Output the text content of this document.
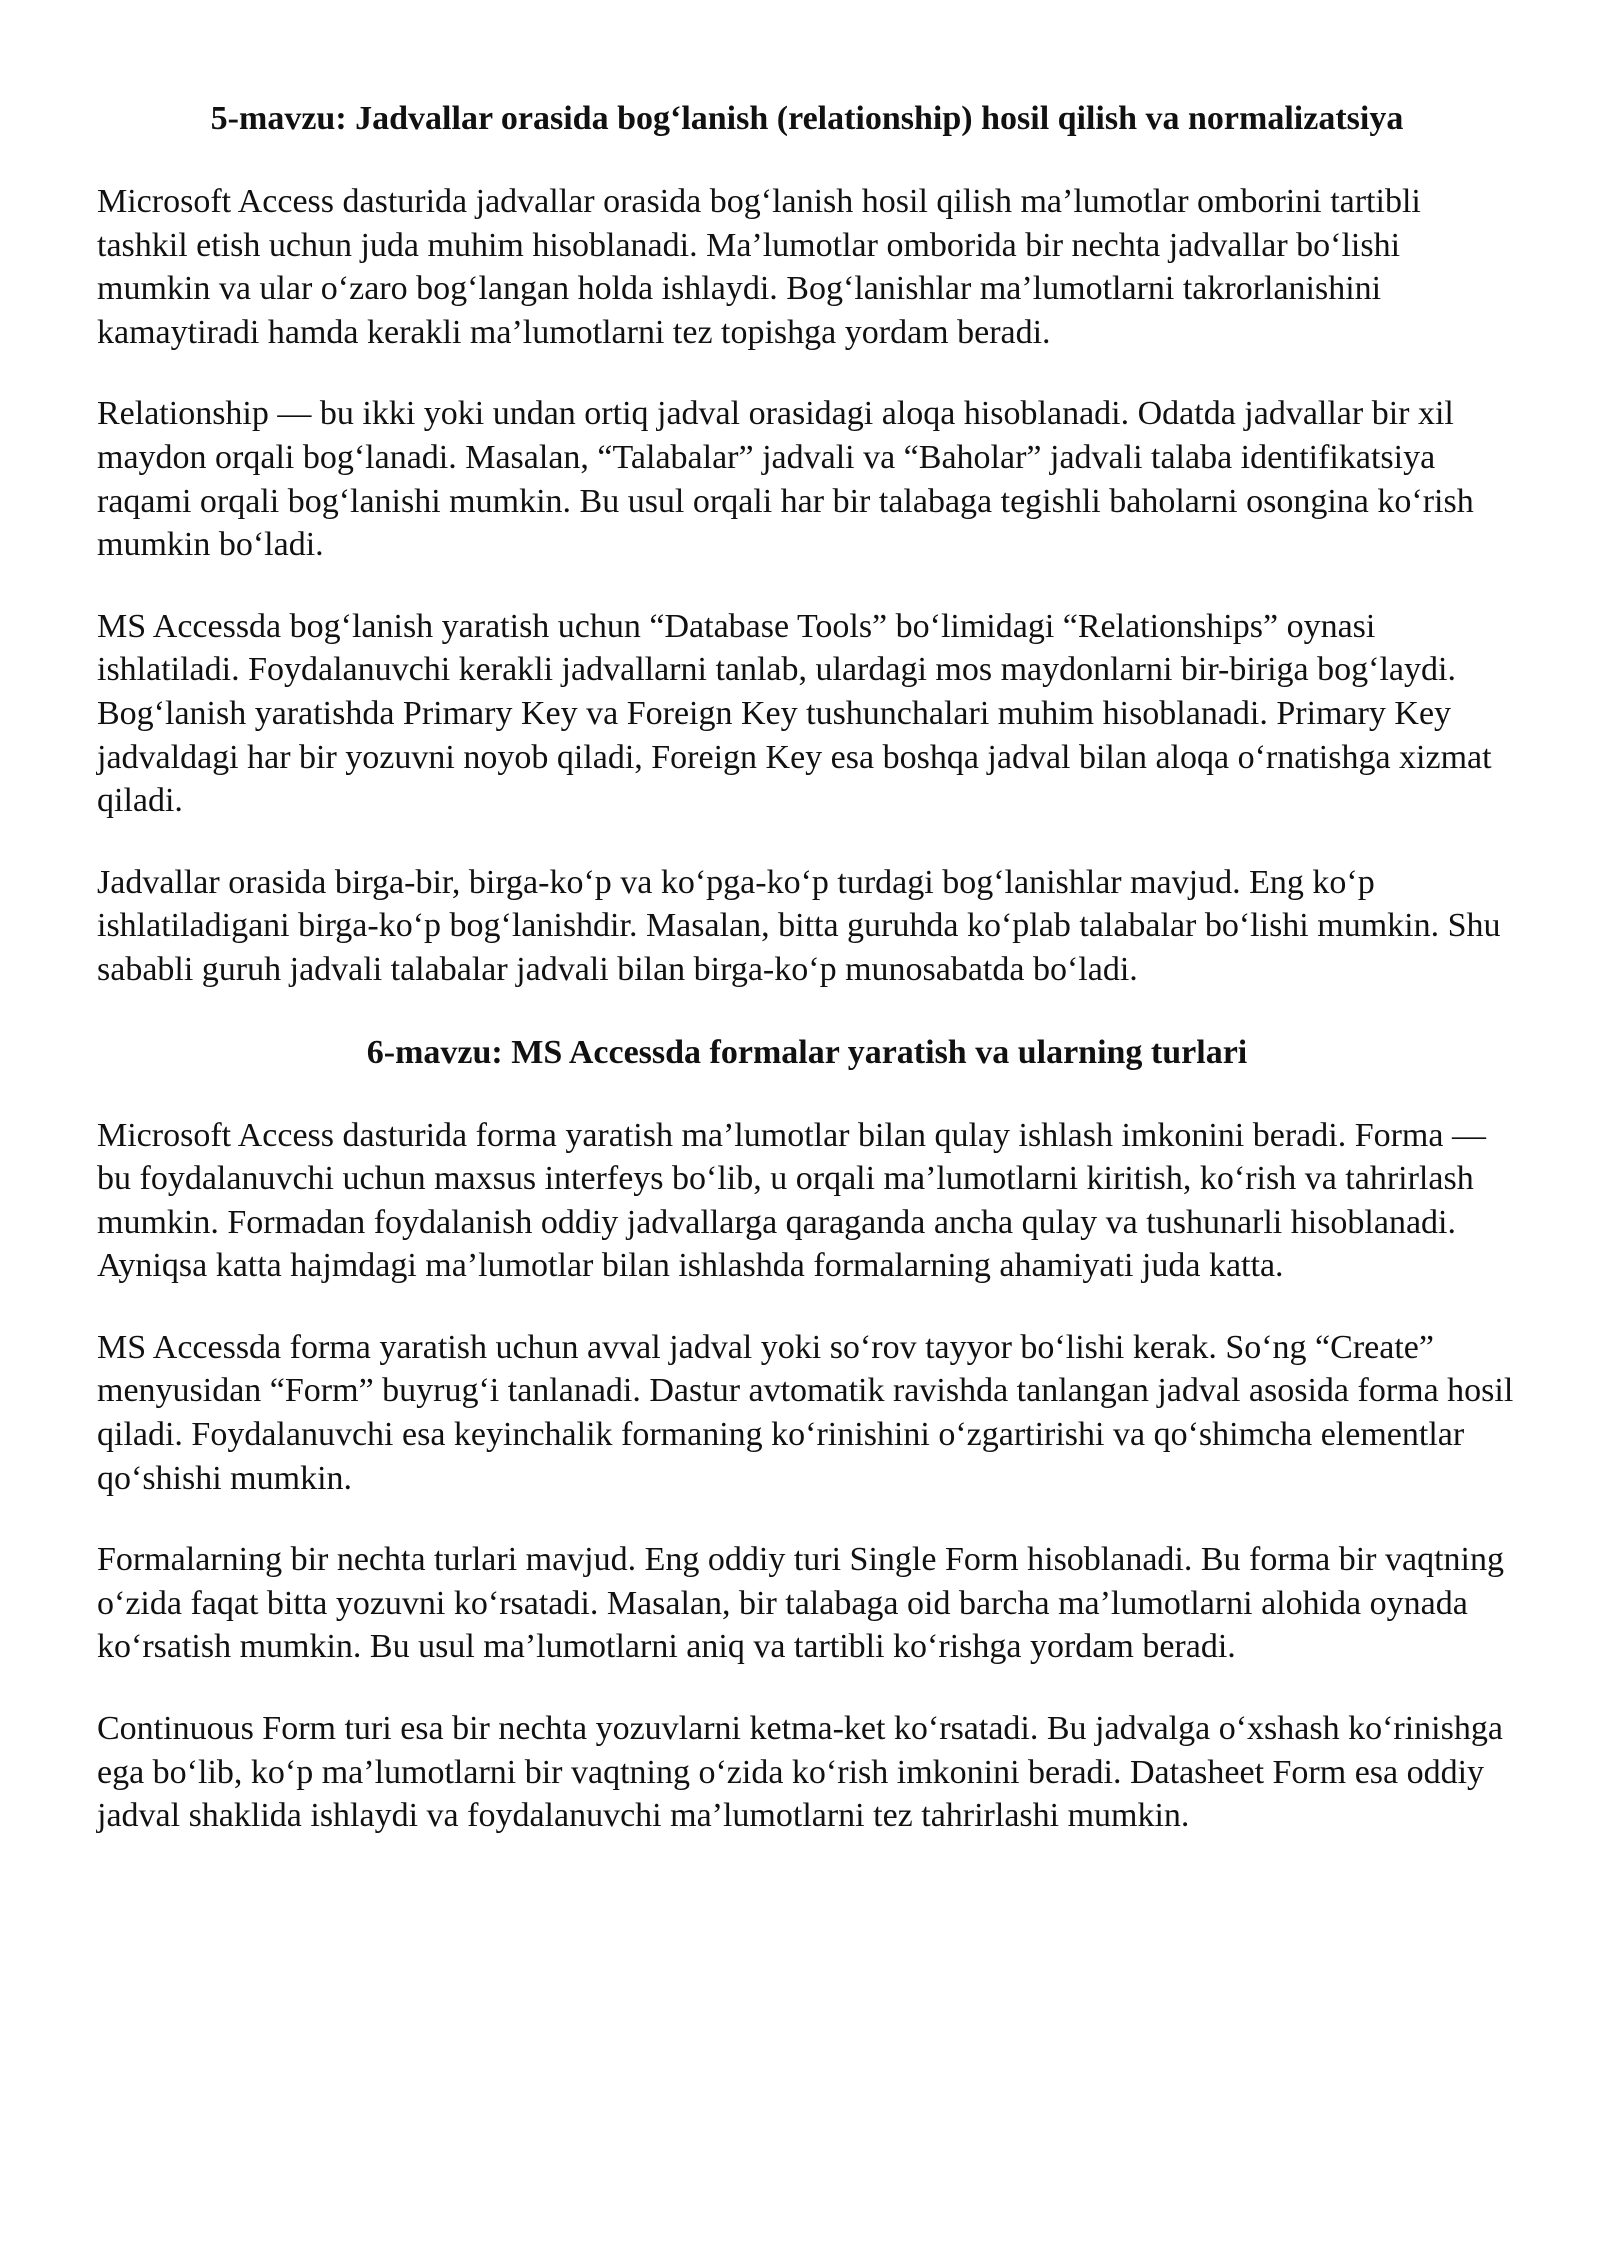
5-mavzu: Jadvallar orasida bog‘lanish (relationship) hosil qilish va normalizatsiya

Microsoft Access dasturida jadvallar orasida bog‘lanish hosil qilish ma’lumotlar omborini tartibli tashkil etish uchun juda muhim hisoblanadi. Ma’lumotlar omborida bir nechta jadvallar bo‘lishi mumkin va ular o‘zaro bog‘langan holda ishlaydi. Bog‘lanishlar ma’lumotlarni takrorlanishini kamaytiradi hamda kerakli ma’lumotlarni tez topishga yordam beradi.

Relationship — bu ikki yoki undan ortiq jadval orasidagi aloqa hisoblanadi. Odatda jadvallar bir xil maydon orqali bog‘lanadi. Masalan, “Talabalar” jadvali va “Baholar” jadvali talaba identifikatsiya raqami orqali bog‘lanishi mumkin. Bu usul orqali har bir talabaga tegishli baholarni osongina ko‘rish mumkin bo‘ladi.

MS Accessda bog‘lanish yaratish uchun “Database Tools” bo‘limidagi “Relationships” oynasi ishlatiladi. Foydalanuvchi kerakli jadvallarni tanlab, ulardagi mos maydonlarni bir-biriga bog‘laydi. Bog‘lanish yaratishda Primary Key va Foreign Key tushunchalari muhim hisoblanadi. Primary Key jadvaldagi har bir yozuvni noyob qiladi, Foreign Key esa boshqa jadval bilan aloqa o‘rnatishga xizmat qiladi.

Jadvallar orasida birga-bir, birga-ko‘p va ko‘pga-ko‘p turdagi bog‘lanishlar mavjud. Eng ko‘p ishlatiladigani birga-ko‘p bog‘lanishdir. Masalan, bitta guruhda ko‘plab talabalar bo‘lishi mumkin. Shu sababli guruh jadvali talabalar jadvali bilan birga-ko‘p munosabatda bo‘ladi.

6-mavzu: MS Accessda formalar yaratish va ularning turlari

Microsoft Access dasturida forma yaratish ma’lumotlar bilan qulay ishlash imkonini beradi. Forma — bu foydalanuvchi uchun maxsus interfeys bo‘lib, u orqali ma’lumotlarni kiritish, ko‘rish va tahrirlash mumkin. Formadan foydalanish oddiy jadvallarga qaraganda ancha qulay va tushunarli hisoblanadi. Ayniqsa katta hajmdagi ma’lumotlar bilan ishlashda formalarning ahamiyati juda katta.

MS Accessda forma yaratish uchun avval jadval yoki so‘rov tayyor bo‘lishi kerak. So‘ng “Create” menyusidan “Form” buyrug‘i tanlanadi. Dastur avtomatik ravishda tanlangan jadval asosida forma hosil qiladi. Foydalanuvchi esa keyinchalik formaning ko‘rinishini o‘zgartirishi va qo‘shimcha elementlar qo‘shishi mumkin.

Formalarning bir nechta turlari mavjud. Eng oddiy turi Single Form hisoblanadi. Bu forma bir vaqtning o‘zida faqat bitta yozuvni ko‘rsatadi. Masalan, bir talabaga oid barcha ma’lumotlarni alohida oynada ko‘rsatish mumkin. Bu usul ma’lumotlarni aniq va tartibli ko‘rishga yordam beradi.

Continuous Form turi esa bir nechta yozuvlarni ketma-ket ko‘rsatadi. Bu jadvalga o‘xshash ko‘rinishga ega bo‘lib, ko‘p ma’lumotlarni bir vaqtning o‘zida ko‘rish imkonini beradi. Datasheet Form esa oddiy jadval shaklida ishlaydi va foydalanuvchi ma’lumotlarni tez tahrirlashi mumkin.
